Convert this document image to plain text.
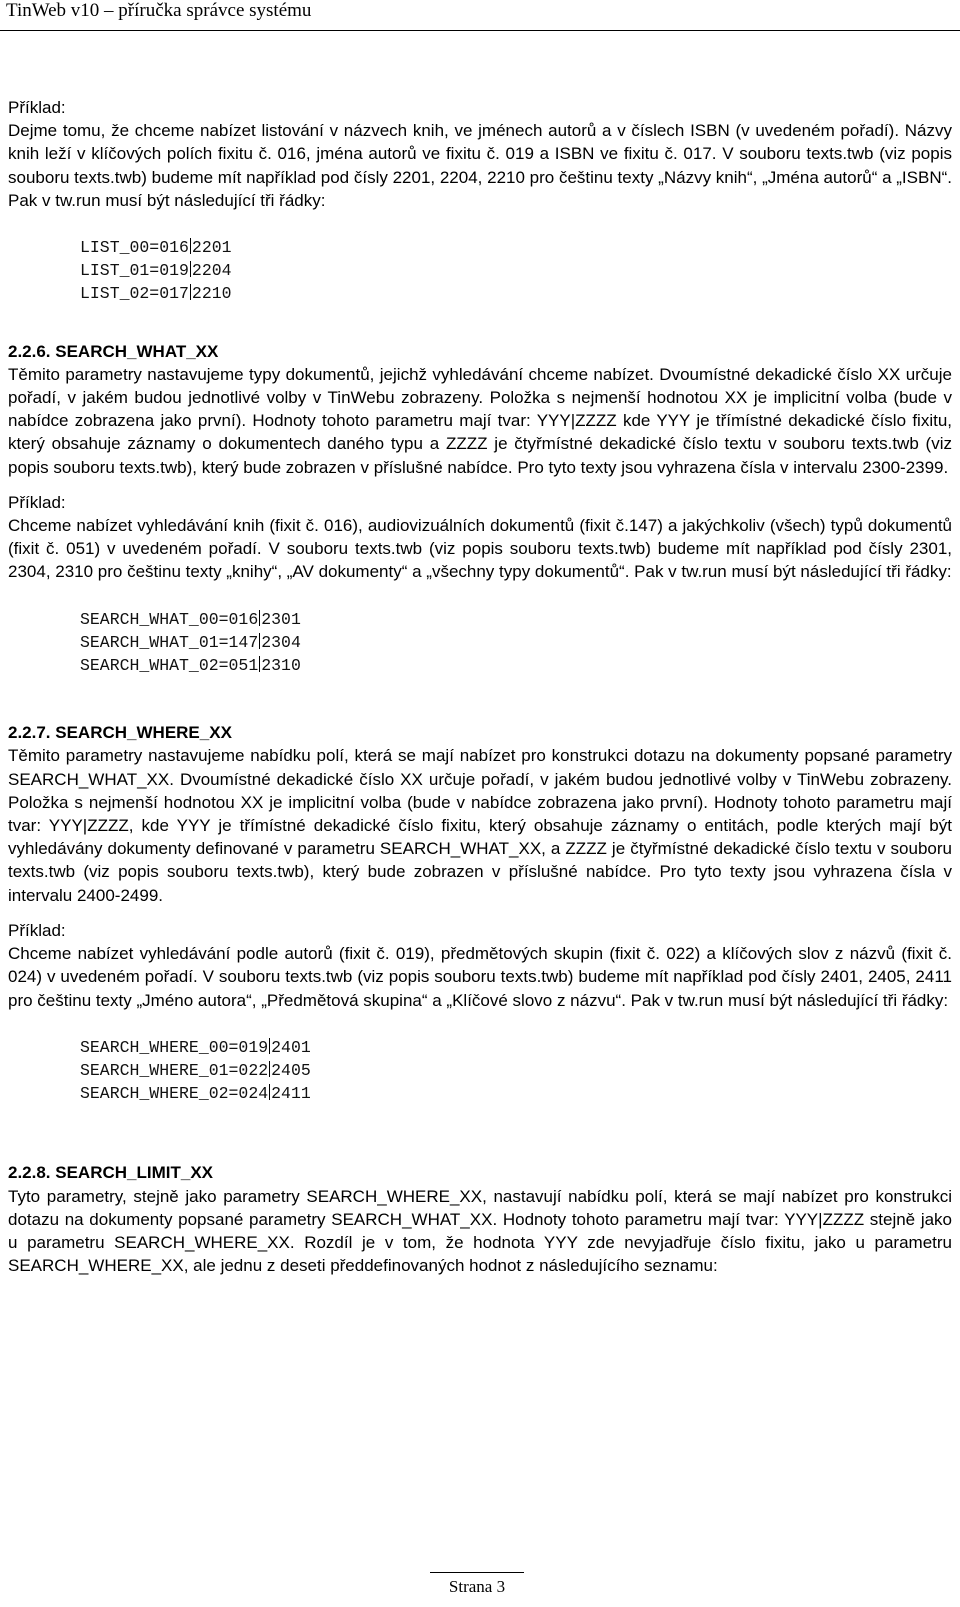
TinWeb v10 – příručka správce systému

Příklad:

Dejme tomu, že chceme nabízet listování v názvech knih, ve jménech autorů a v číslech ISBN (v uvedeném pořadí). Názvy knih leží v klíčových polích fixitu č. 016, jména autorů ve fixitu č. 019 a ISBN ve fixitu č. 017. V souboru texts.twb (viz popis souboru texts.twb) budeme mít například pod čísly 2201, 2204, 2210 pro češtinu texty „Názvy knih“, „Jména autorů“ a „ISBN“. Pak v tw.run musí být následující tři řádky:

LIST_00=016 2201
LIST_01=019 2204
LIST_02=017 2210

2.2.6. SEARCH_WHAT_XX

Těmito parametry nastavujeme typy dokumentů, jejichž vyhledávání chceme nabízet. Dvoumístné dekadické číslo XX určuje pořadí, v jakém budou jednotlivé volby v TinWebu zobrazeny. Položka s nejmenší hodnotou XX je implicitní volba (bude v nabídce zobrazena jako první). Hodnoty tohoto parametru mají tvar: YYY|ZZZZ kde YYY je třímístné dekadické číslo fixitu, který obsahuje záznamy o dokumentech daného typu a ZZZZ je čtyřmístné dekadické číslo textu v souboru texts.twb (viz popis souboru texts.twb), který bude zobrazen v příslušné nabídce. Pro tyto texty jsou vyhrazena čísla v intervalu 2300-2399.

Příklad:

Chceme nabízet vyhledávání knih (fixit č. 016), audiovizuálních dokumentů (fixit č.147) a jakýchkoliv (všech) typů dokumentů (fixit č. 051) v uvedeném pořadí. V souboru texts.twb (viz popis souboru texts.twb) budeme mít například pod čísly 2301, 2304, 2310 pro češtinu texty „knihy“, „AV dokumenty“ a „všechny typy dokumentů“. Pak v tw.run musí být následující tři řádky:

SEARCH_WHAT_00=016 2301
SEARCH_WHAT_01=147 2304
SEARCH_WHAT_02=051 2310

2.2.7. SEARCH_WHERE_XX

Těmito parametry nastavujeme nabídku polí, která se mají nabízet pro konstrukci dotazu na dokumenty popsané parametry SEARCH_WHAT_XX. Dvoumístné dekadické číslo XX určuje pořadí, v jakém budou jednotlivé volby v TinWebu zobrazeny. Položka s nejmenší hodnotou XX je implicitní volba (bude v nabídce zobrazena jako první). Hodnoty tohoto parametru mají tvar: YYY|ZZZZ, kde YYY je třímístné dekadické číslo fixitu, který obsahuje záznamy o entitách, podle kterých mají být vyhledávány dokumenty definované v parametru SEARCH_WHAT_XX, a ZZZZ je čtyřmístné dekadické číslo textu v souboru texts.twb (viz popis souboru texts.twb), který bude zobrazen v příslušné nabídce. Pro tyto texty jsou vyhrazena čísla v intervalu 2400-2499.

Příklad:

Chceme nabízet vyhledávání podle autorů (fixit č. 019), předmětových skupin (fixit č. 022) a klíčových slov z názvů (fixit č. 024) v uvedeném pořadí. V souboru texts.twb (viz popis souboru texts.twb) budeme mít například pod čísly 2401, 2405, 2411 pro češtinu texty „Jméno autora“, „Předmětová skupina“ a „Klíčové slovo z názvu“. Pak v tw.run musí být následující tři řádky:

SEARCH_WHERE_00=019 2401
SEARCH_WHERE_01=022 2405
SEARCH_WHERE_02=024 2411

2.2.8. SEARCH_LIMIT_XX

Tyto parametry, stejně jako parametry SEARCH_WHERE_XX, nastavují nabídku polí, která se mají nabízet pro konstrukci dotazu na dokumenty popsané parametry SEARCH_WHAT_XX. Hodnoty tohoto parametru mají tvar: YYY|ZZZZ stejně jako u parametru SEARCH_WHERE_XX. Rozdíl je v tom, že hodnota YYY zde nevyjadřuje číslo fixitu, jako u parametru SEARCH_WHERE_XX, ale jednu z deseti předdefinovaných hodnot z následujícího seznamu:

Strana 3
